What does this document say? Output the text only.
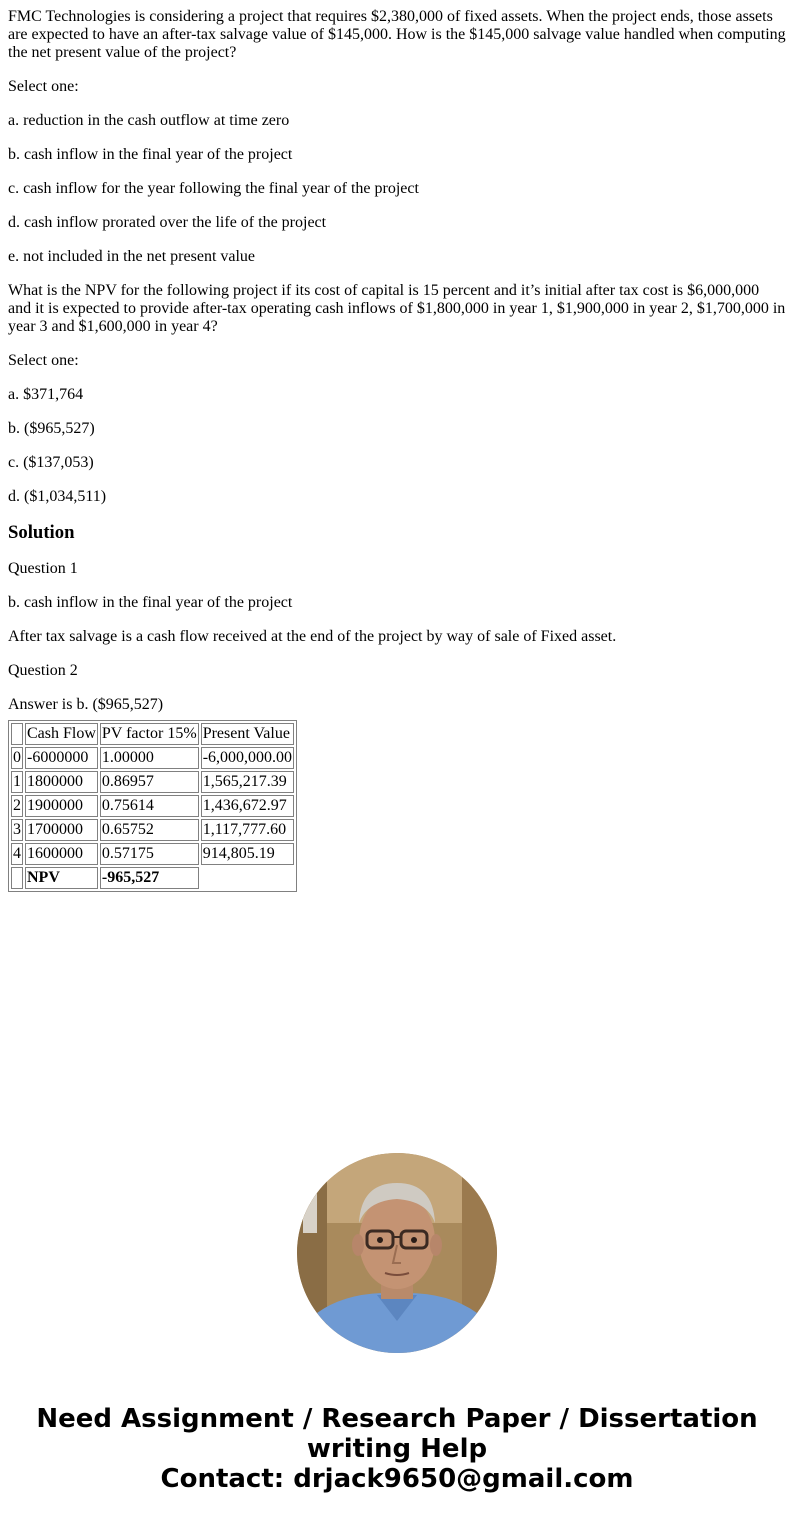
FMC Technologies is considering a project that requires $2,380,000 of fixed assets. When the project ends, those assets are expected to have an after-tax salvage value of $145,000. How is the $145,000 salvage value handled when computing the net present value of the project?

Select one:

a. reduction in the cash outflow at time zero

b. cash inflow in the final year of the project

c. cash inflow for the year following the final year of the project

d. cash inflow prorated over the life of the project

e. not included in the net present value

What is the NPV for the following project if its cost of capital is 15 percent and it’s initial after tax cost is $6,000,000 and it is expected to provide after-tax operating cash inflows of $1,800,000 in year 1, $1,900,000 in year 2, $1,700,000 in year 3 and $1,600,000 in year 4?

Select one:

a. $371,764

b. ($965,527)

c. ($137,053)

d. ($1,034,511)

Solution

Question 1

b. cash inflow in the final year of the project

After tax salvage is a cash flow received at the end of the project by way of sale of Fixed asset.

Question 2

Answer is b. ($965,527)

	Cash Flow	PV factor 15%	Present Value
0	-6000000	1.00000	-6,000,000.00
1	1800000	0.86957	1,565,217.39
2	1900000	0.75614	1,436,672.97
3	1700000	0.65752	1,117,777.60
4	1600000	0.57175	914,805.19
	NPV	-965,527	
Need Assignment / Research Paper / Dissertation
writing Help
Contact: drjack9650@gmail.com
